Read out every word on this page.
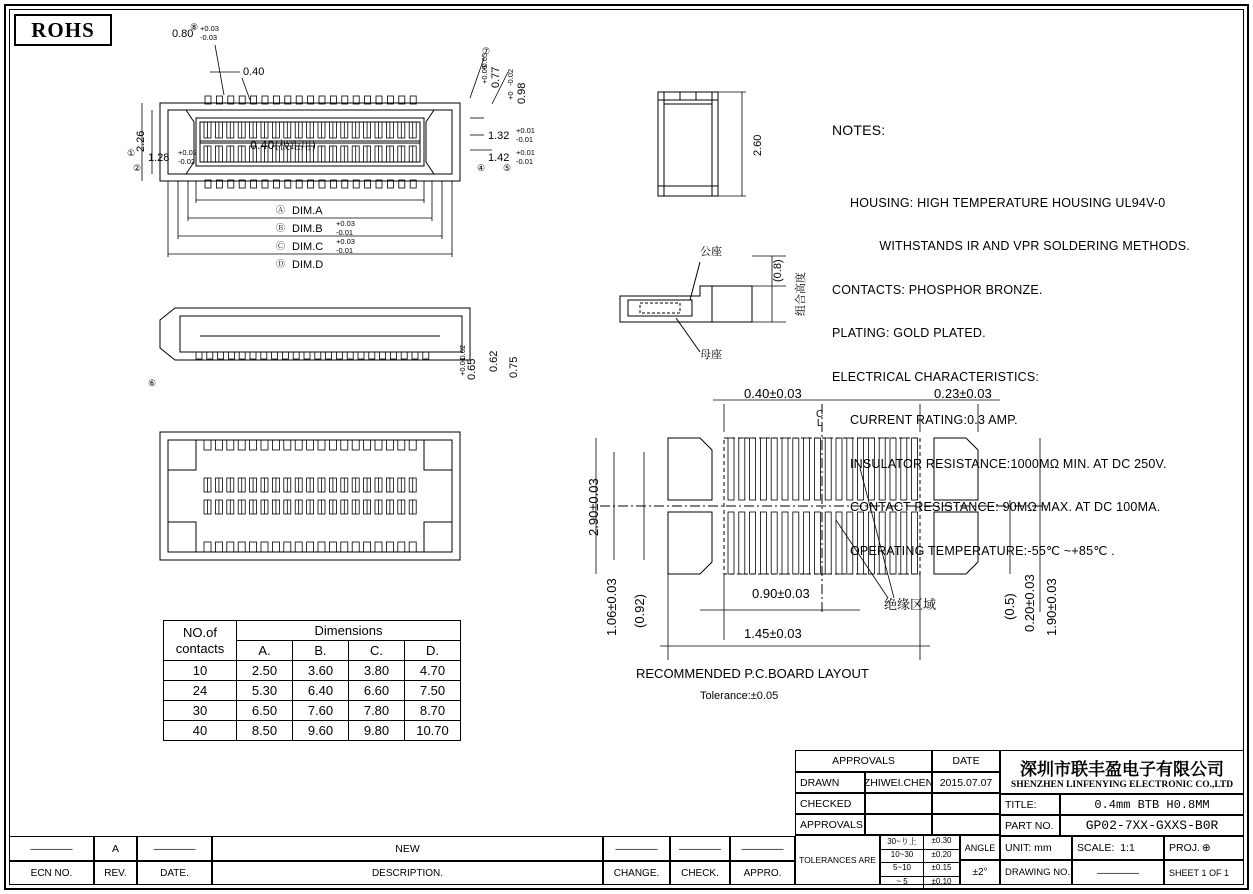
ROHS

NOTES:

HOUSING: HIGH TEMPERATURE HOUSING UL94V-0

WITHSTANDS IR AND VPR SOLDERING METHODS.

CONTACTS: PHOSPHOR BRONZE.

PLATING: GOLD PLATED.

ELECTRICAL CHARACTERISTICS:

CURRENT RATING:0.3 AMP.

INSULATOR RESISTANCE:1000MΩ MIN. AT DC 250V.

CONTACT RESISTANCE: 90MΩ MAX. AT DC 100MA.

OPERATING TEMPERATURE:-55℃ ~+85℃ .

0.80 +0.03
-0.03
0.40	0.77
+0.05
-0.05
0.98
+0
-0.02
2.26
1.28 +0.02
-0.02
1.32 +0.01
-0.01
1.42 +0.01
-0.01
0.40(极距用)
DIM.A
DIM.B +0.03
-0.01
DIM.C +0.03
-0.01
DIM.D
⑧
⑦
①
②	④ ⑤
Ⓐ
Ⓑ
Ⓒ
Ⓓ
⑥
2.60
0.62 0.75
0.65
+0.01
-0.02
公座
母座
(0.8)
组合高度
0.40±0.03	0.23±0.03
2.90±0.03
1.06±0.03 (0.92)
0.90±0.03
1.45±0.03
(0.5) 0.20±0.03 1.90±0.03
绝缘区域
C
L
RECOMMENDED P.C.BOARD LAYOUT
Tolerance:±0.05
NO.of
contacts	Dimensions			
	A.	B.	C.	D.
10	2.50	3.60	3.80	4.70
24	5.30	6.40	6.60	7.50
30	6.50	7.60	7.80	8.70
40	8.50	9.60	9.80	10.70
APPROVALS	DATE
DRAWN	ZHIWEI.CHEN 2015.07.07
CHECKED
APPROVALS
TOLERANCES ARE
30~り上	±0.30
10~30	±0.20
5~10	±0.15
~ 5	±0.10
ANGLE
±2°
深圳市联丰盈电子有限公司
SHENZHEN LINFENYING ELECTRONIC CO.,LTD
TITLE:	0.4mm BTB H0.8MM
PART NO.	GP02-7XX-GXXS-B0R
UNIT:
mm SCALE:
1:1	PROJ. ⊕
DRAWING NO.	————	SHEET
1 OF 1
————	A	————	NEW	————	————	————
ECN NO.	REV.	DATE.	DESCRIPTION.	CHANGE.	CHECK.	APPRO.
